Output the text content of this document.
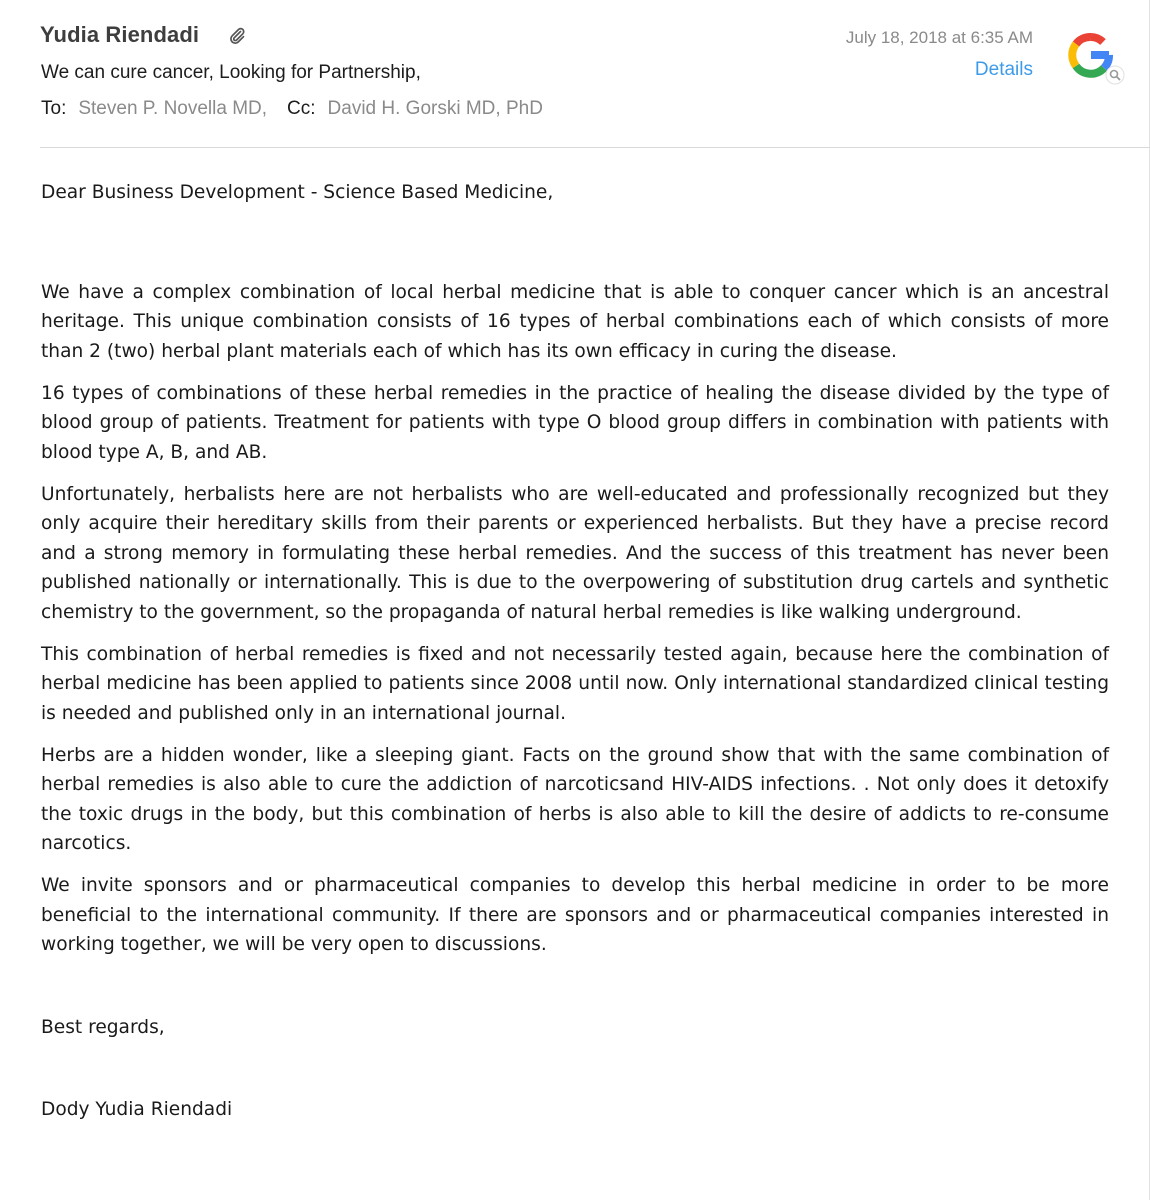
Yudia Riendadi
We can cure cancer, Looking for Partnership,
To: Steven P. Novella MD, Cc: David H. Gorski MD, PhD
July 18, 2018 at 6:35 AM
Details

Dear Business Development - Science Based Medicine,

We have a complex combination of local herbal medicine that is able to conquer cancer which is an ancestral heritage. This unique combination consists of 16 types of herbal combinations each of which consists of more than 2 (two) herbal plant materials each of which has its own efficacy in curing the disease.

16 types of combinations of these herbal remedies in the practice of healing the disease divided by the type of blood group of patients. Treatment for patients with type O blood group differs in combination with patients with blood type A, B, and AB.

Unfortunately, herbalists here are not herbalists who are well-educated and professionally recognized but they only acquire their hereditary skills from their parents or experienced herbalists. But they have a precise record and a strong memory in formulating these herbal remedies. And the success of this treatment has never been published nationally or internationally. This is due to the overpowering of substitution drug cartels and synthetic chemistry to the government, so the propaganda of natural herbal remedies is like walking underground.

This combination of herbal remedies is fixed and not necessarily tested again, because here the combination of herbal medicine has been applied to patients since 2008 until now. Only international standardized clinical testing is needed and published only in an international journal.

Herbs are a hidden wonder, like a sleeping giant. Facts on the ground show that with the same combination of herbal remedies is also able to cure the addiction of narcoticsand HIV-AIDS infections. . Not only does it detoxify the toxic drugs in the body, but this combination of herbs is also able to kill the desire of addicts to re-consume narcotics.

We invite sponsors and or pharmaceutical companies to develop this herbal medicine in order to be more beneficial to the international community. If there are sponsors and or pharmaceutical companies interested in working together, we will be very open to discussions.

Best regards,

Dody Yudia Riendadi
